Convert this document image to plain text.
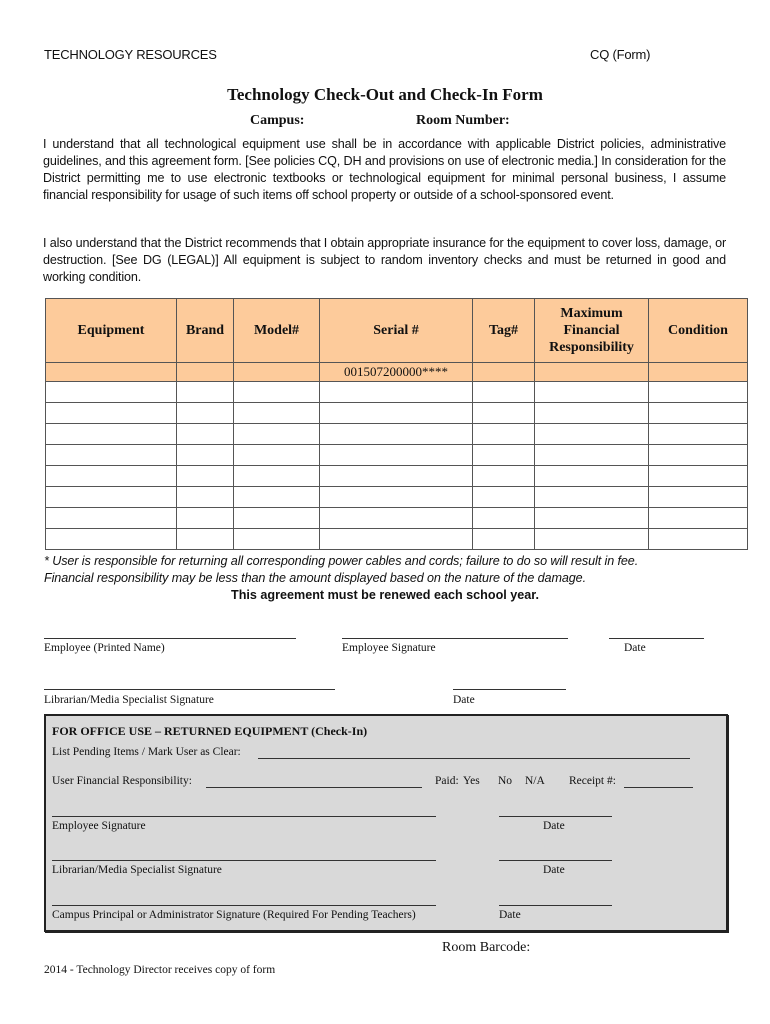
TECHNOLOGY RESOURCES	CQ (Form)
Technology Check-Out and Check-In Form
Campus:	Room Number:
I understand that all technological equipment use shall be in accordance with applicable District policies, administrative guidelines, and this agreement form. [See policies CQ, DH and provisions on use of electronic media.] In consideration for the District permitting me to use electronic textbooks or technological equipment for minimal personal business, I assume financial responsibility for usage of such items off school property or outside of a school-sponsored event.
I also understand that the District recommends that I obtain appropriate insurance for the equipment to cover loss, damage, or destruction. [See DG (LEGAL)] All equipment is subject to random inventory checks and must be returned in good and working condition.
Equipment	Brand	Model#	Serial #	Tag#	Maximum Financial Responsibility	Condition
			001507200000****			

* User is responsible for returning all corresponding power cables and cords; failure to do so will result in fee.
Financial responsibility may be less than the amount displayed based on the nature of the damage.
This agreement must be renewed each school year.
Employee (Printed Name)	Employee Signature	Date
Librarian/Media Specialist Signature	Date
FOR OFFICE USE – RETURNED EQUIPMENT (Check-In)
List Pending Items / Mark User as Clear:
User Financial Responsibility:	Paid: Yes No N/A Receipt #:
Employee Signature	Date
Librarian/Media Specialist Signature	Date
Campus Principal or Administrator Signature (Required For Pending Teachers)	Date
Room Barcode:
2014 - Technology Director receives copy of form
